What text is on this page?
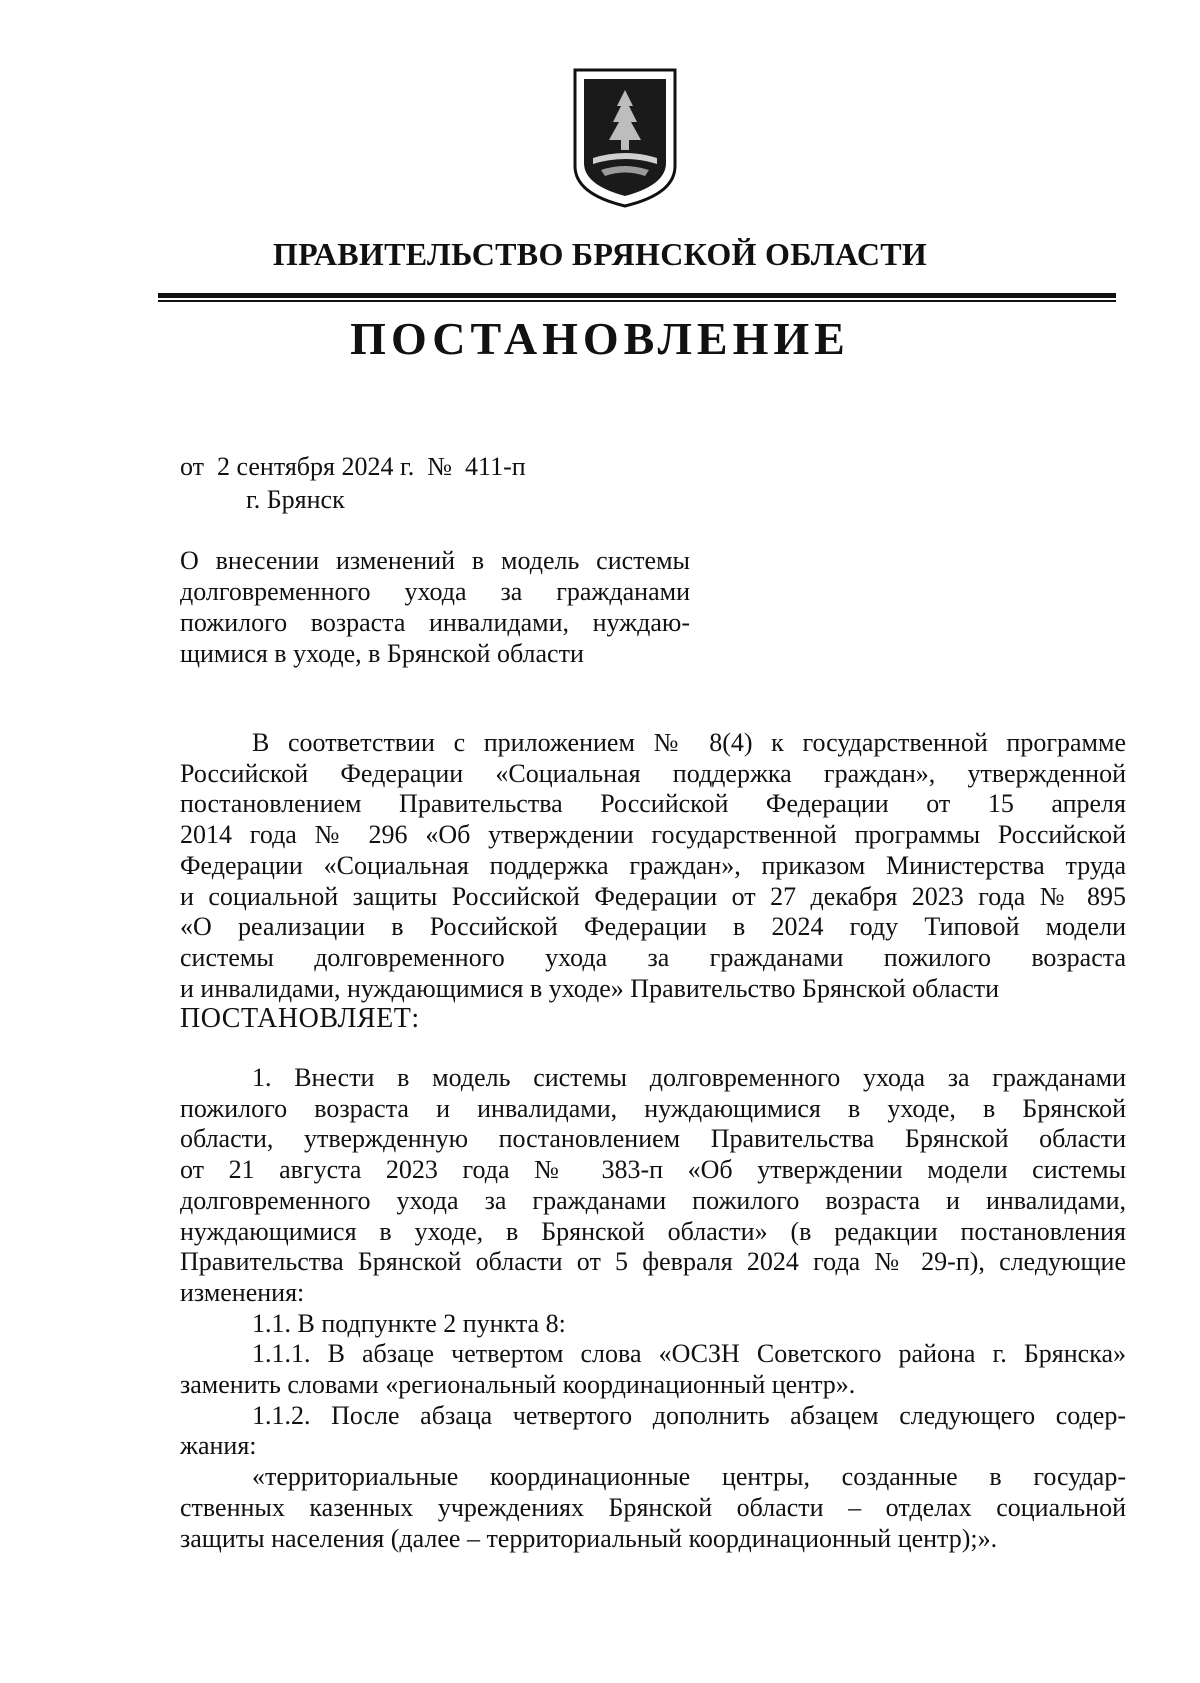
ПРАВИТЕЛЬСТВО БРЯНСКОЙ ОБЛАСТИ
ПОСТАНОВЛЕНИЕ
от  2 сентября 2024 г.  №  411-п
г. Брянск
О внесении изменений в модель системы
долговременного ухода за гражданами
пожилого возраста инвалидами, нуждаю-
щимися в уходе, в Брянской области
В соответствии с приложением № 8(4) к государственной программе
Российской Федерации «Социальная поддержка граждан», утвержденной
постановлением Правительства Российской Федерации от 15 апреля
2014 года № 296 «Об утверждении государственной программы Российской
Федерации «Социальная поддержка граждан», приказом Министерства труда
и социальной защиты Российской Федерации от 27 декабря 2023 года № 895
«О реализации в Российской Федерации в 2024 году Типовой модели
системы долговременного ухода за гражданами пожилого возраста
и инвалидами, нуждающимися в уходе» Правительство Брянской области
ПОСТАНОВЛЯЕТ:
1. Внести в модель системы долговременного ухода за гражданами
пожилого возраста и инвалидами, нуждающимися в уходе, в Брянской
области, утвержденную постановлением Правительства Брянской области
от 21 августа 2023 года № 383-п «Об утверждении модели системы
долговременного ухода за гражданами пожилого возраста и инвалидами,
нуждающимися в уходе, в Брянской области» (в редакции постановления
Правительства Брянской области от 5 февраля 2024 года № 29-п), следующие
изменения:
1.1. В подпункте 2 пункта 8:
1.1.1. В абзаце четвертом слова «ОСЗН Советского района г. Брянска»
заменить словами «региональный координационный центр».
1.1.2. После абзаца четвертого дополнить абзацем следующего содер-
жания:
«территориальные координационные центры, созданные в государ-
ственных казенных учреждениях Брянской области – отделах социальной
защиты населения (далее – территориальный координационный центр);».
